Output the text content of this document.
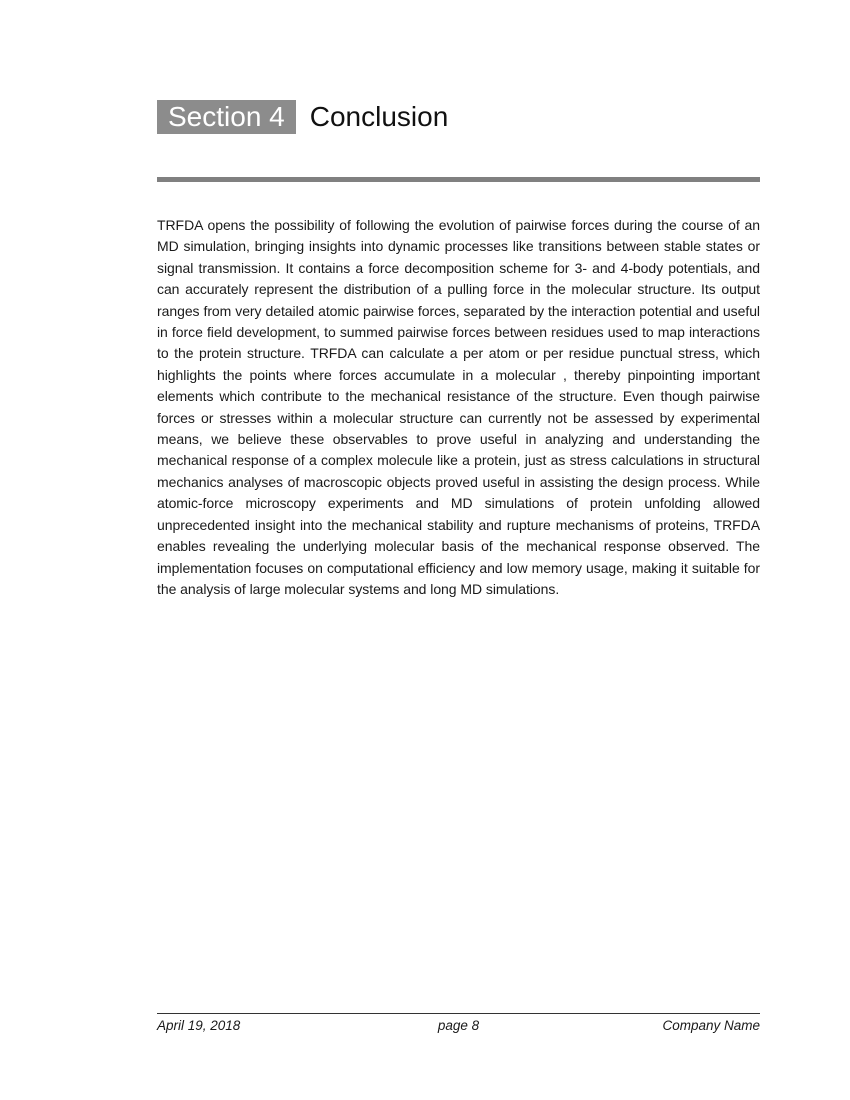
Section 4 Conclusion

TRFDA opens the possibility of following the evolution of pairwise forces during the course of an MD simulation, bringing insights into dynamic processes like transitions between stable states or signal transmission. It contains a force decomposition scheme for 3- and 4-body potentials, and can accurately represent the distribution of a pulling force in the molecular structure. Its output ranges from very detailed atomic pairwise forces, separated by the interaction potential and useful in force field development, to summed pairwise forces between residues used to map interactions to the protein structure. TRFDA can calculate a per atom or per residue punctual stress, which highlights the points where forces accumulate in a molecular , thereby pinpointing important elements which contribute to the mechanical resistance of the structure. Even though pairwise forces or stresses within a molecular structure can currently not be assessed by experimental means, we believe these observables to prove useful in analyzing and understanding the mechanical response of a complex molecule like a protein, just as stress calculations in structural mechanics analyses of macroscopic objects proved useful in assisting the design process. While atomic-force microscopy experiments and MD simulations of protein unfolding allowed unprecedented insight into the mechanical stability and rupture mechanisms of proteins, TRFDA enables revealing the underlying molecular basis of the mechanical response observed. The implementation focuses on computational efficiency and low memory usage, making it suitable for the analysis of large molecular systems and long MD simulations.

April 19, 2018	page 8	Company Name
